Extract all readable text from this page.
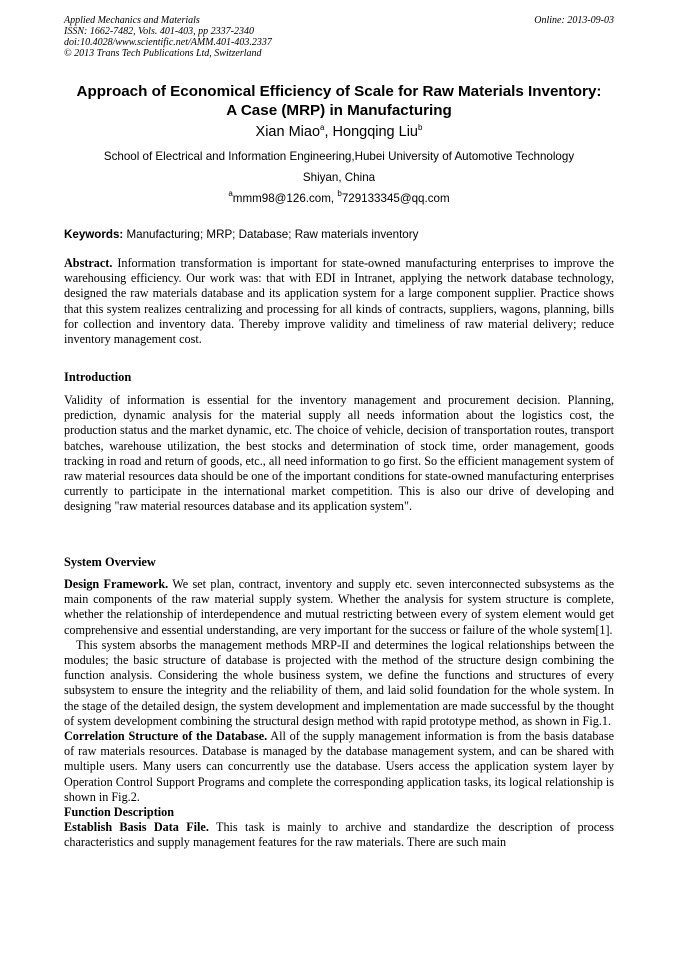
Applied Mechanics and Materials
ISSN: 1662-7482, Vols. 401-403, pp 2337-2340
doi:10.4028/www.scientific.net/AMM.401-403.2337
© 2013 Trans Tech Publications Ltd, Switzerland
Online: 2013-09-03
Approach of Economical Efficiency of Scale for Raw Materials Inventory:
A Case (MRP) in Manufacturing
Xian Miao$^a$, Hongqing Liu$^b$
School of Electrical and Information Engineering,Hubei University of Automotive Technology
Shiyan, China
$^a$mmm98@126.com, $^b$729133345@qq.com
Keywords: Manufacturing; MRP; Database; Raw materials inventory

Abstract. Information transformation is important for state-owned manufacturing enterprises to improve the warehousing efficiency. Our work was: that with EDI in Intranet, applying the network database technology, designed the raw materials database and its application system for a large component supplier. Practice shows that this system realizes centralizing and processing for all kinds of contracts, suppliers, wagons, planning, bills for collection and inventory data. Thereby improve validity and timeliness of raw material delivery; reduce inventory management cost.

Introduction

Validity of information is essential for the inventory management and procurement decision. Planning, prediction, dynamic analysis for the material supply all needs information about the logistics cost, the production status and the market dynamic, etc. The choice of vehicle, decision of transportation routes, transport batches, warehouse utilization, the best stocks and determination of stock time, order management, goods tracking in road and return of goods, etc., all need information to go first. So the efficient management system of raw material resources data should be one of the important conditions for state-owned manufacturing enterprises currently to participate in the international market competition. This is also our drive of developing and designing "raw material resources database and its application system".

System Overview

Design Framework. We set plan, contract, inventory and supply etc. seven interconnected subsystems as the main components of the raw material supply system. Whether the analysis for system structure is complete, whether the relationship of interdependence and mutual restricting between every of system element would get comprehensive and essential understanding, are very important for the success or failure of the whole system[1].

This system absorbs the management methods MRP-II and determines the logical relationships between the modules; the basic structure of database is projected with the method of the structure design combining the function analysis. Considering the whole business system, we define the functions and structures of every subsystem to ensure the integrity and the reliability of them, and laid solid foundation for the whole system. In the stage of the detailed design, the system development and implementation are made successful by the thought of system development combining the structural design method with rapid prototype method, as shown in Fig.1.

Correlation Structure of the Database. All of the supply management information is from the basis database of raw materials resources. Database is managed by the database management system, and can be shared with multiple users. Many users can concurrently use the database. Users access the application system layer by Operation Control Support Programs and complete the corresponding application tasks, its logical relationship is shown in Fig.2.

Function Description

Establish Basis Data File. This task is mainly to archive and standardize the description of process characteristics and supply management features for the raw materials. There are such main
